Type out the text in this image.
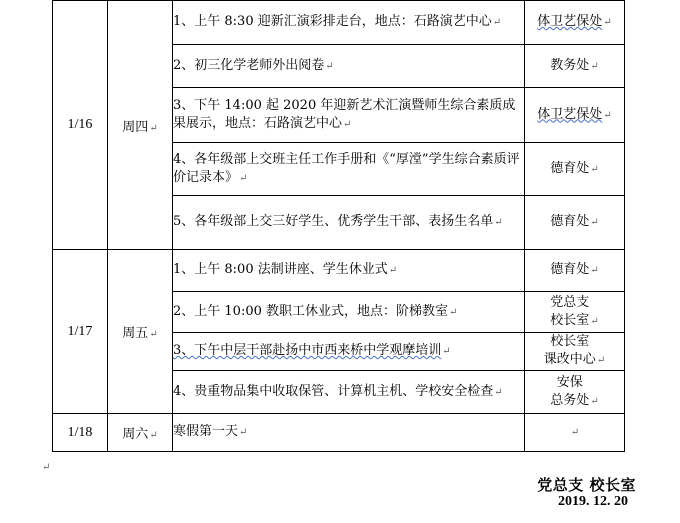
1/16	周四↵	1、上午 8:30 迎新汇演彩排走台，地点：石路演艺中心↵	体卫艺保处↵
		2、初三化学老师外出阅卷↵	教务处↵
		3、下午 14:00 起 2020 年迎新艺术汇演暨师生综合素质成果展示，地点：石路演艺中心↵	体卫艺保处↵
		4、各年级部上交班主任工作手册和《“厚漟”学生综合素质评价记录本》↵	德育处↵
		5、各年级部上交三好学生、优秀学生干部、表扬生名单↵	德育处↵
1/17	周五↵	1、上午 8:00 法制讲座、学生休业式↵	德育处↵
		2、上午 10:00 教职工休业式，地点：阶梯教室↵	党总支
校长室 ↵
		3、下午中层干部赴扬中市西来桥中学观摩培训↵	校长室
课改中心 ↵
		4、贵重物品集中收取保管、计算机主机、学校安全检查↵	安保
总务处 ↵
1/18	周六↵	寒假第一天↵	↵
↵
党总支 校长室
2019. 12. 20
